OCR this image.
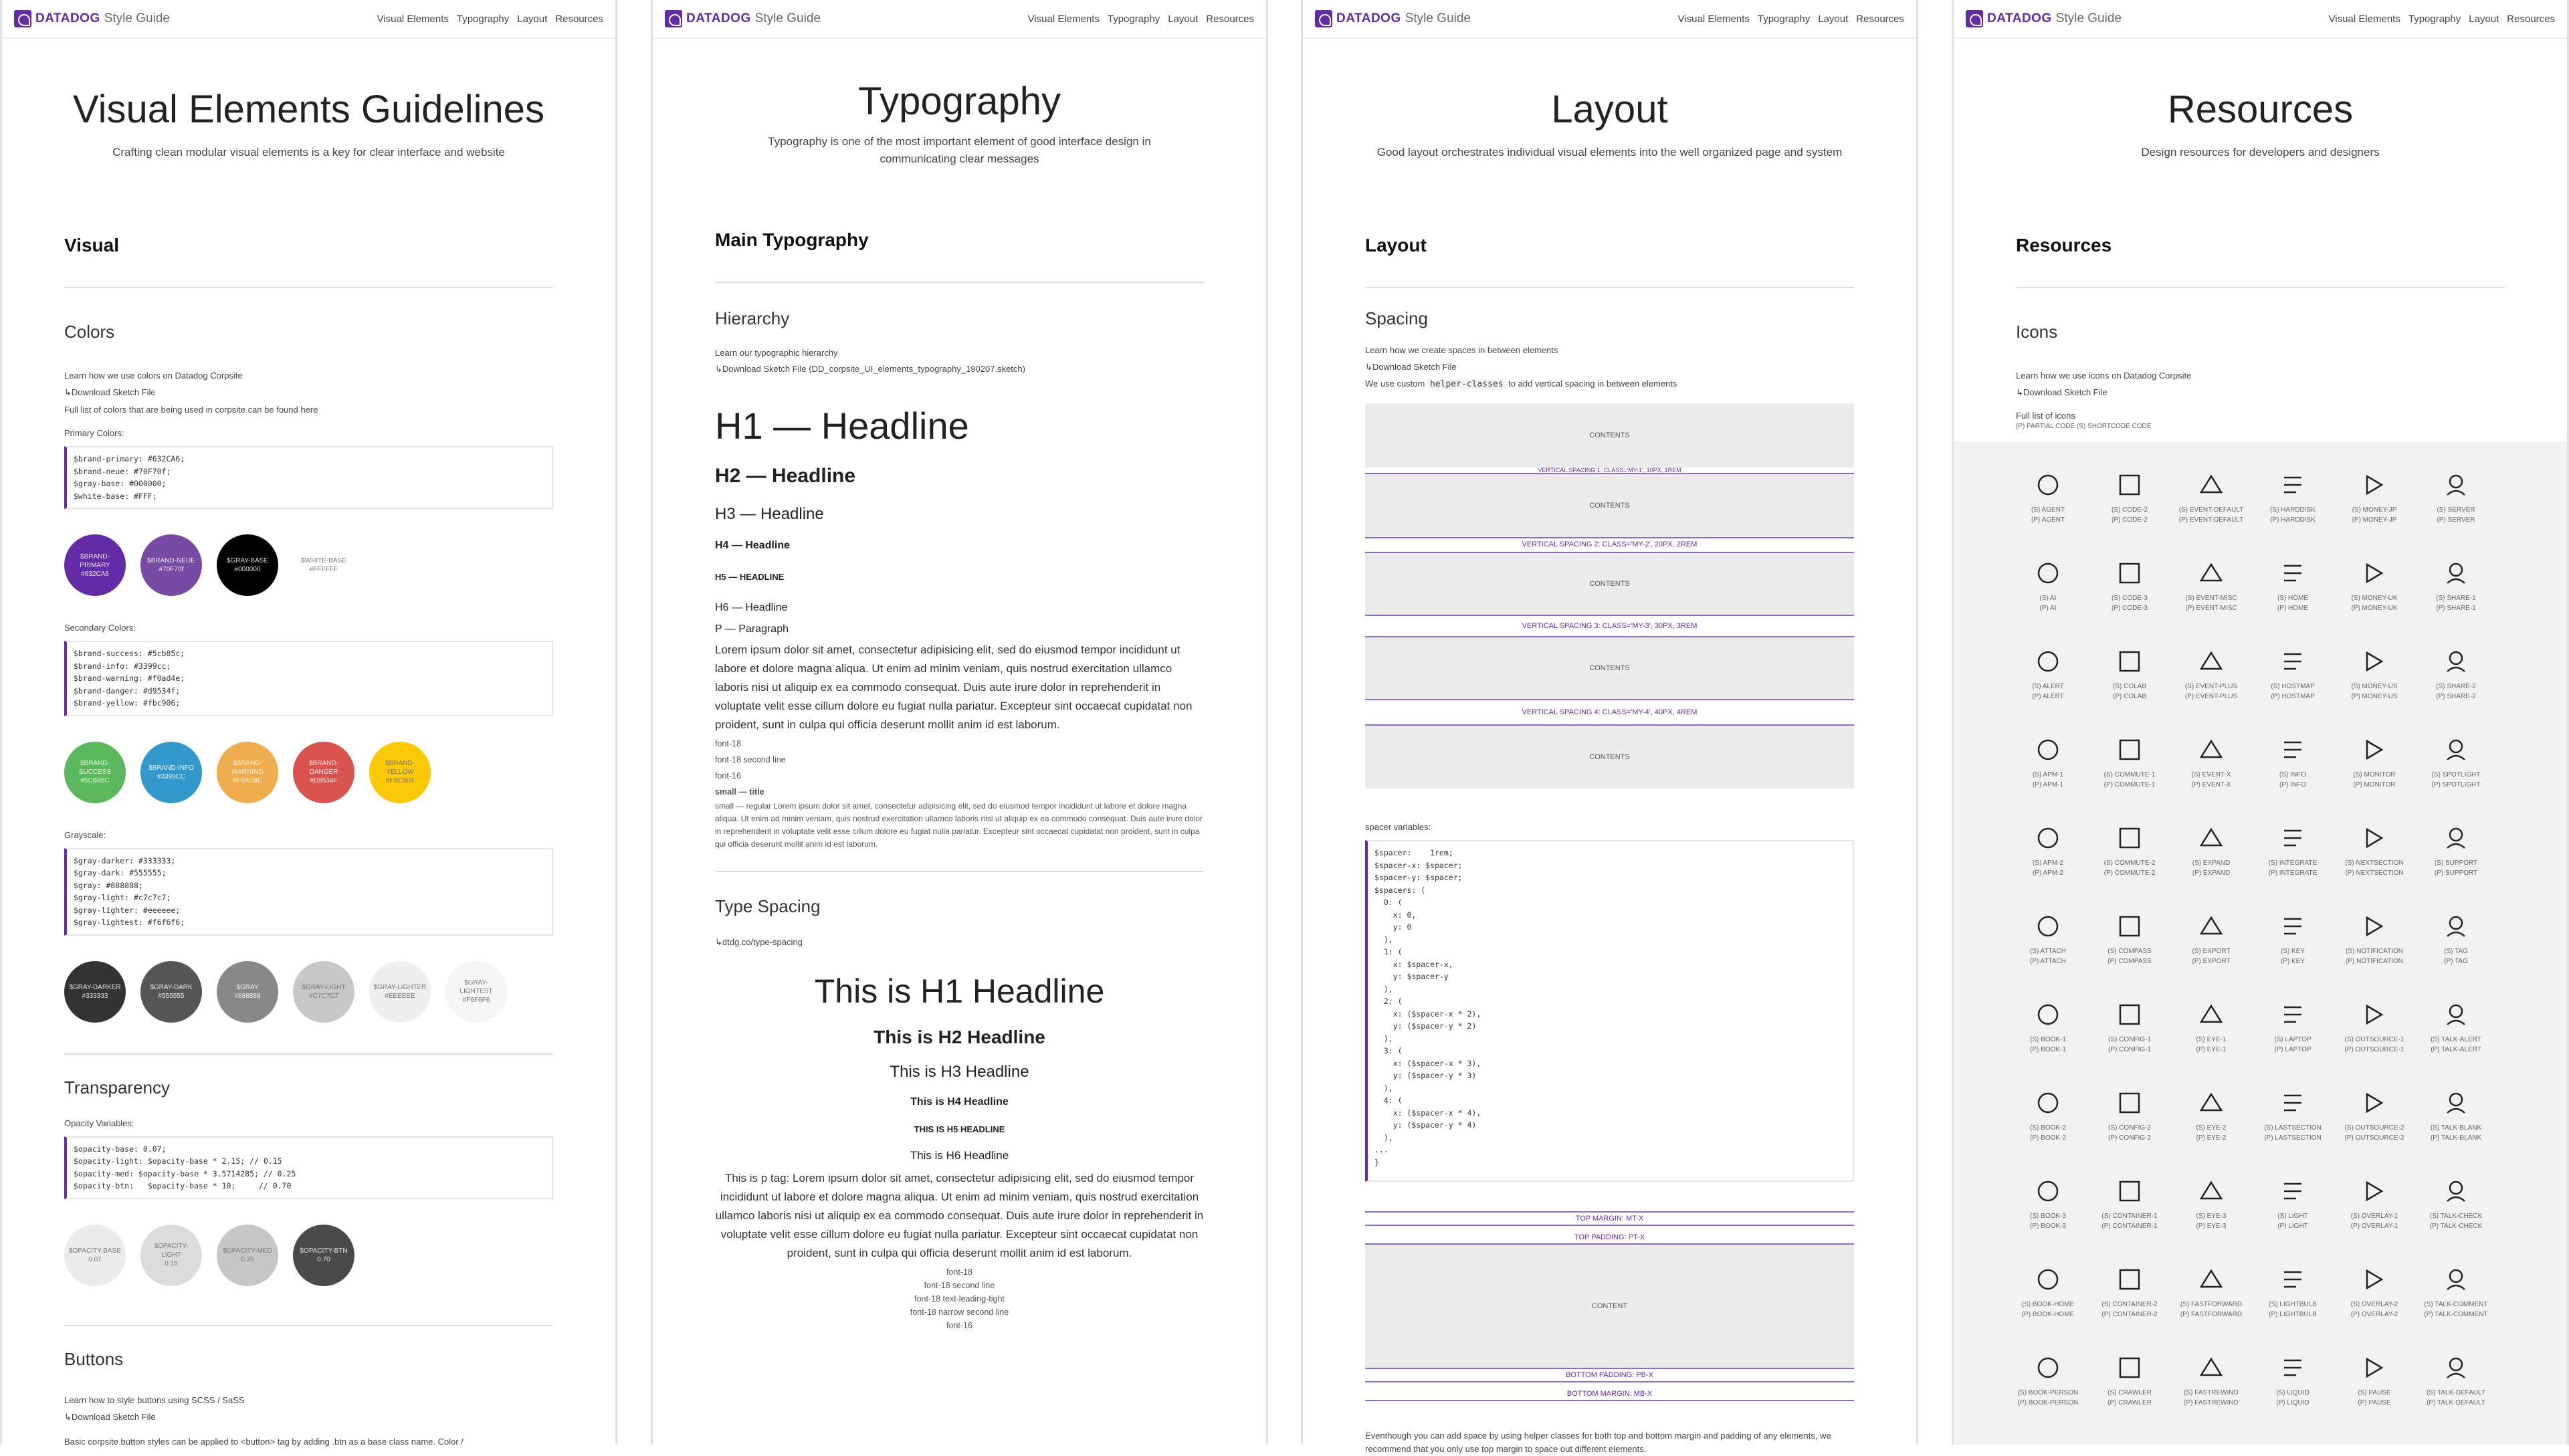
DATADOG Style Guide	Visual Elements Typography Layout Resources
Visual Elements Guidelines

Crafting clean modular visual elements is a key for clear interface and website

Visual
Colors
Learn how we use colors on Datadog Corpsite
↳Download Sketch File
Full list of colors that are being used in corpsite can be found here
Primary Colors:
$brand-primary: #632CA6;
$brand-neue: #70F70f;
$gray-base: #000000;
$white-base: #FFF;
$BRAND-PRIMARY
#632CA6
$BRAND-NEUE
#70F70f
$GRAY-BASE
#000000
$WHITE-BASE
#FFFFFF
Secondary Colors:
$brand-success: #5cb85c;
$brand-info: #3399cc;
$brand-warning: #f0ad4e;
$brand-danger: #d9534f;
$brand-yellow: #fbc906;
$BRAND-SUCCESS
#5CB85C
$BRAND-INFO
#3399CC
$BRAND-WARNING
#F0AD4E
$BRAND-DANGER
#D9534F
$BRAND-YELLOW
#FBC906
Grayscale:
$gray-darker: #333333;
$gray-dark: #555555;
$gray: #888888;
$gray-light: #c7c7c7;
$gray-lighter: #eeeeee;
$gray-lightest: #f6f6f6;
$GRAY-DARKER
#333333
$GRAY-DARK
#555555
$GRAY
#888888
$GRAY-LIGHT
#C7C7C7
$GRAY-LIGHTER
#EEEEEE
$GRAY-LIGHTEST
#F6F6F6
Transparency
Opacity Variables:
$opacity-base: 0.07;
$opacity-light: $opacity-base * 2.15; // 0.15
$opacity-med: $opacity-base * 3.5714285; // 0.25
$opacity-btn:   $opacity-base * 10;     // 0.70
$OPACITY-BASE
0.07
$OPACITY-LIGHT
0.15
$OPACITY-MED
0.25
$OPACITY-BTN
0.70
Buttons
Learn how to style buttons using SCSS / SaSS
↳Download Sketch File
Basic corpsite button styles can be applied to <button> tag by adding .btn as a base class name. Color /
DATADOG Style Guide	Visual Elements Typography Layout Resources
Typography

Typography is one of the most important element of good interface design in communicating clear messages

Main Typography
Hierarchy
Learn our typographic hierarchy
↳Download Sketch File (DD_corpsite_UI_elements_typography_190207.sketch)
H1 — Headline
H2 — Headline
H3 — Headline
H4 — Headline
H5 — HEADLINE
H6 — Headline
P — Paragraph
Lorem ipsum dolor sit amet, consectetur adipisicing elit, sed do eiusmod tempor incididunt ut labore et dolore magna aliqua. Ut enim ad minim veniam, quis nostrud exercitation ullamco laboris nisi ut aliquip ex ea commodo consequat. Duis aute irure dolor in reprehenderit in voluptate velit esse cillum dolore eu fugiat nulla pariatur. Excepteur sint occaecat cupidatat non proident, sunt in culpa qui officia deserunt mollit anim id est laborum.
font-18
font-18 second line
font-16
small — title
small — regular Lorem ipsum dolor sit amet, consectetur adipisicing elit, sed do eiusmod tempor incididunt ut labore et dolore magna aliqua. Ut enim ad minim veniam, quis nostrud exercitation ullamco laboris nisi ut aliquip ex ea commodo consequat. Duis aute irure dolor in reprehenderit in voluptate velit esse cillum dolore eu fugiat nulla pariatur. Excepteur sint occaecat cupidatat non proident, sunt in culpa qui officia deserunt mollit anim id est laborum.
Type Spacing
↳dtdg.co/type-spacing
This is H1 Headline
This is H2 Headline
This is H3 Headline
This is H4 Headline
THIS IS H5 HEADLINE
This is H6 Headline
This is p tag: Lorem ipsum dolor sit amet, consectetur adipisicing elit, sed do eiusmod tempor incididunt ut labore et dolore magna aliqua. Ut enim ad minim veniam, quis nostrud exercitation ullamco laboris nisi ut aliquip ex ea commodo consequat. Duis aute irure dolor in reprehenderit in voluptate velit esse cillum dolore eu fugiat nulla pariatur. Excepteur sint occaecat cupidatat non proident, sunt in culpa qui officia deserunt mollit anim id est laborum.
font-18
font-18 second line
font-18 text-leading-tight
font-18 narrow second line
font-16
DATADOG Style Guide	Visual Elements Typography Layout Resources
Layout

Good layout orchestrates individual visual elements into the well organized page and system

Layout
Spacing
Learn how we create spaces in between elements
↳Download Sketch File
We use custom helper-classes to add vertical spacing in between elements
CONTENTS
VERTICAL SPACING 1: CLASS='MY-1', 10PX, 1REM
CONTENTS
VERTICAL SPACING 2: CLASS='MY-2', 20PX, 2REM
CONTENTS
VERTICAL SPACING 3: CLASS='MY-3', 30PX, 3REM
CONTENTS
VERTICAL SPACING 4: CLASS='MY-4', 40PX, 4REM
CONTENTS
spacer variables:
$spacer:    1rem;
$spacer-x: $spacer;
$spacer-y: $spacer;
$spacers: (
0: (
x: 0,
y: 0
),
1: (
x: $spacer-x,
y: $spacer-y
),
2: (
x: ($spacer-x * 2),
y: ($spacer-y * 2)
),
3: (
x: ($spacer-x * 3),
y: ($spacer-y * 3)
),
4: (
x: ($spacer-x * 4),
y: ($spacer-y * 4)
),
...
}
TOP MARGIN: MT-X
TOP PADDING: PT-X
CONTENT
BOTTOM PADDING: PB-X
BOTTOM MARGIN: MB-X
Eventhough you can add space by using helper classes for both top and bottom margin and padding of any elements, we recommend that you only use top margin to space out different elements.
DATADOG Style Guide	Visual Elements Typography Layout Resources
Resources

Design resources for developers and designers

Resources
Icons
Learn how we use icons on Datadog Corpsite
↳Download Sketch File
Full list of icons
(P) PARTIAL CODE (S) SHORTCODE CODE
(S) AGENT
(P) AGENT
(S) CODE-2
(P) CODE-2
(S) EVENT-DEFAULT
(P) EVENT-DEFAULT
(S) HARDDISK
(P) HARDDISK
(S) MONEY-JP
(P) MONEY-JP
(S) SERVER
(P) SERVER
(S) AI
(P) AI
(S) CODE-3
(P) CODE-3
(S) EVENT-MISC
(P) EVENT-MISC
(S) HOME
(P) HOME
(S) MONEY-UK
(P) MONEY-UK
(S) SHARE-1
(P) SHARE-1
(S) ALERT
(P) ALERT
(S) COLAB
(P) COLAB
(S) EVENT-PLUS
(P) EVENT-PLUS
(S) HOSTMAP
(P) HOSTMAP
(S) MONEY-US
(P) MONEY-US
(S) SHARE-2
(P) SHARE-2
(S) APM-1
(P) APM-1
(S) COMMUTE-1
(P) COMMUTE-1
(S) EVENT-X
(P) EVENT-X
(S) INFO
(P) INFO
(S) MONITOR
(P) MONITOR
(S) SPOTLIGHT
(P) SPOTLIGHT
(S) APM-2
(P) APM-2
(S) COMMUTE-2
(P) COMMUTE-2
(S) EXPAND
(P) EXPAND
(S) INTEGRATE
(P) INTEGRATE
(S) NEXTSECTION
(P) NEXTSECTION
(S) SUPPORT
(P) SUPPORT
(S) ATTACH
(P) ATTACH
(S) COMPASS
(P) COMPASS
(S) EXPORT
(P) EXPORT
(S) KEY
(P) KEY
(S) NOTIFICATION
(P) NOTIFICATION
(S) TAG
(P) TAG
(S) BOOK-1
(P) BOOK-1
(S) CONFIG-1
(P) CONFIG-1
(S) EYE-1
(P) EYE-1
(S) LAPTOP
(P) LAPTOP
(S) OUTSOURCE-1
(P) OUTSOURCE-1
(S) TALK-ALERT
(P) TALK-ALERT
(S) BOOK-2
(P) BOOK-2
(S) CONFIG-2
(P) CONFIG-2
(S) EYE-2
(P) EYE-2
(S) LASTSECTION
(P) LASTSECTION
(S) OUTSOURCE-2
(P) OUTSOURCE-2
(S) TALK-BLANK
(P) TALK-BLANK
(S) BOOK-3
(P) BOOK-3
(S) CONTAINER-1
(P) CONTAINER-1
(S) EYE-3
(P) EYE-3
(S) LIGHT
(P) LIGHT
(S) OVERLAY-1
(P) OVERLAY-1
(S) TALK-CHECK
(P) TALK-CHECK
(S) BOOK-HOME
(P) BOOK-HOME
(S) CONTAINER-2
(P) CONTAINER-2
(S) FASTFORWARD
(P) FASTFORWARD
(S) LIGHTBULB
(P) LIGHTBULB
(S) OVERLAY-2
(P) OVERLAY-2
(S) TALK-COMMENT
(P) TALK-COMMENT
(S) BOOK-PERSON
(P) BOOK-PERSON
(S) CRAWLER
(P) CRAWLER
(S) FASTREWIND
(P) FASTREWIND
(S) LIQUID
(P) LIQUID
(S) PAUSE
(P) PAUSE
(S) TALK-DEFAULT
(P) TALK-DEFAULT
